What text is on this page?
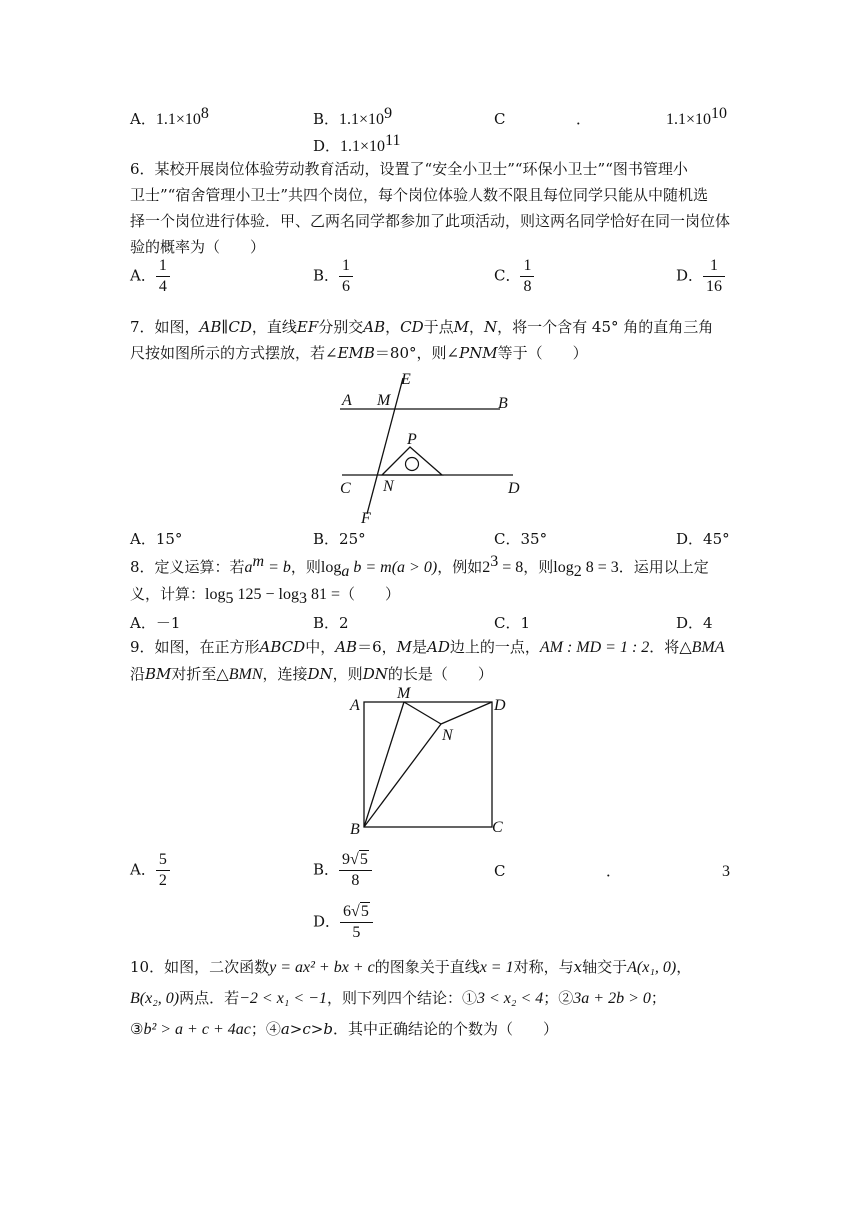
A．$1.1\times 10^8$	B．$1.1\times 10^9$	C	．	$1.1\times 10^{10}$
D．$1.1\times 10^{11}$
6．某校开展岗位体验劳动教育活动，设置了“安全小卫士”“环保小卫士”“图书管理小
卫士”“宿舍管理小卫士”共四个岗位，每个岗位体验人数不限且每位同学只能从中随机选
择一个岗位进行体验．甲、乙两名同学都参加了此项活动，则这两名同学恰好在同一岗位体
验的概率为（　　）
A． $\frac{1}{4}$	B． $\frac{1}{6}$	C． $\frac{1}{8}$	D． $\frac{1}{16}$
7．如图，AB∥CD，直线EF分别交AB，CD于点M，N，将一个含有 45° 角的直角三角
尺按如图所示的方式摆放，若∠EMB＝80°，则∠PNM等于（　　）
A M
E
B
P
C N	D
F
A．15°	B．25°	C．35°	D．45°
8．定义运算：若$a^m = b$，则$\log_a b = m(a > 0)$，例如$2^3 = 8$，则$\log_2 8 = 3$．运用以上定
义，计算：$\log_5 125 - \log_3 81$ =（　　）
A．－1	B．2	C．1	D．4
9．如图，在正方形ABCD中，AB＝6，M是AD边上的一点，AM : MD = 1 : 2．将△BMA
沿BM对折至△BMN，连接DN，则DN的长是（　　）
A
M
D
N
B	C
A． $\frac{5}{2}$	B． $\frac{9√5}{8}$	C	．	3
D． $\frac{6√5}{5}$
10．如图，二次函数y = ax² + bx + c的图象关于直线x = 1对称，与x轴交于A(x₁, 0)，
B(x₂, 0)两点．若−2 < x₁ < −1，则下列四个结论：①3 < x₂ < 4；②3a + 2b > 0；
③b² > a + c + 4ac；④a>c>b．其中正确结论的个数为（　　）
